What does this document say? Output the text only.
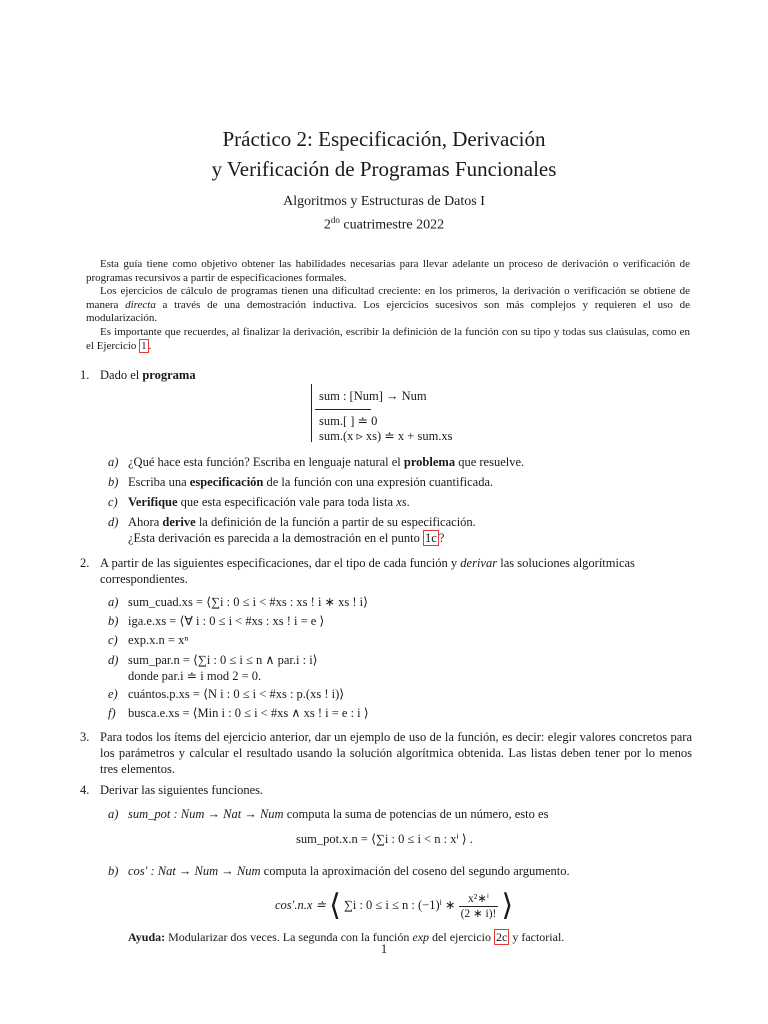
Práctico 2: Especificación, Derivación
y Verificación de Programas Funcionales
Algoritmos y Estructuras de Datos I
$2^{do}$ cuatrimestre 2022
Esta guía tiene como objetivo obtener las habilidades necesarias para llevar adelante un proceso de derivación o verificación de programas recursivos a partir de especificaciones formales.
Los ejercicios de cálculo de programas tienen una dificultad creciente: en los primeros, la derivación o verificación se obtiene de manera directa a través de una demostración inductiva. Los ejercicios sucesivos son más complejos y requieren el uso de modularización.
Es importante que recuerdes, al finalizar la derivación, escribir la definición de la función con su tipo y todas sus claúsulas, como en el Ejercicio 1 .
1. Dado el programa
sum : [Num] → Num
sum.[ ] ≐ 0
sum.(x ▹ xs) ≐ x + sum.xs
a) ¿Qué hace esta función? Escriba en lenguaje natural el problema que resuelve.
b) Escriba una especificación de la función con una expresión cuantificada.
c) Verifique que esta especificación vale para toda lista xs.
d) Ahora derive la definición de la función a partir de su especificación.
¿Esta derivación es parecida a la demostración en el punto 1c ?
2. A partir de las siguientes especificaciones, dar el tipo de cada función y derivar las soluciones algorítmicas correspondientes.
a) sum_cuad.xs = ⟨∑i : 0 ≤ i < #xs : xs ! i ∗ xs ! i⟩
b) iga.e.xs = ⟨∀ i : 0 ≤ i < #xs : xs ! i = e ⟩
c) exp.x.n = xⁿ
d) sum_par.n = ⟨∑i : 0 ≤ i ≤ n ∧ par.i : i⟩
donde par.i ≐ i mod 2 = 0.
e) cuántos.p.xs = ⟨N i : 0 ≤ i < #xs : p.(xs ! i)⟩
f) busca.e.xs = ⟨Min i : 0 ≤ i < #xs ∧ xs ! i = e : i ⟩
3. Para todos los ítems del ejercicio anterior, dar un ejemplo de uso de la función, es decir: elegir valores concretos para los parámetros y calcular el resultado usando la solución algorítmica obtenida. Las listas deben tener por lo menos tres elementos.
4. Derivar las siguientes funciones.
a) sum_pot : Num → Nat → Num computa la suma de potencias de un número, esto es
sum_pot.x.n = ⟨∑i : 0 ≤ i < n : xⁱ ⟩ .
b) cos' : Nat → Num → Num computa la aproximación del coseno del segundo argumento.
cos'.n.x ≐ ⟨ ∑i : 0 ≤ i ≤ n : (−1)ⁱ ∗ $\frac{\text{x²∗ⁱ}}{(2 ∗ i)!}$ ⟩
Ayuda: Modularizar dos veces. La segunda con la función exp del ejercicio 2c y factorial.
1
